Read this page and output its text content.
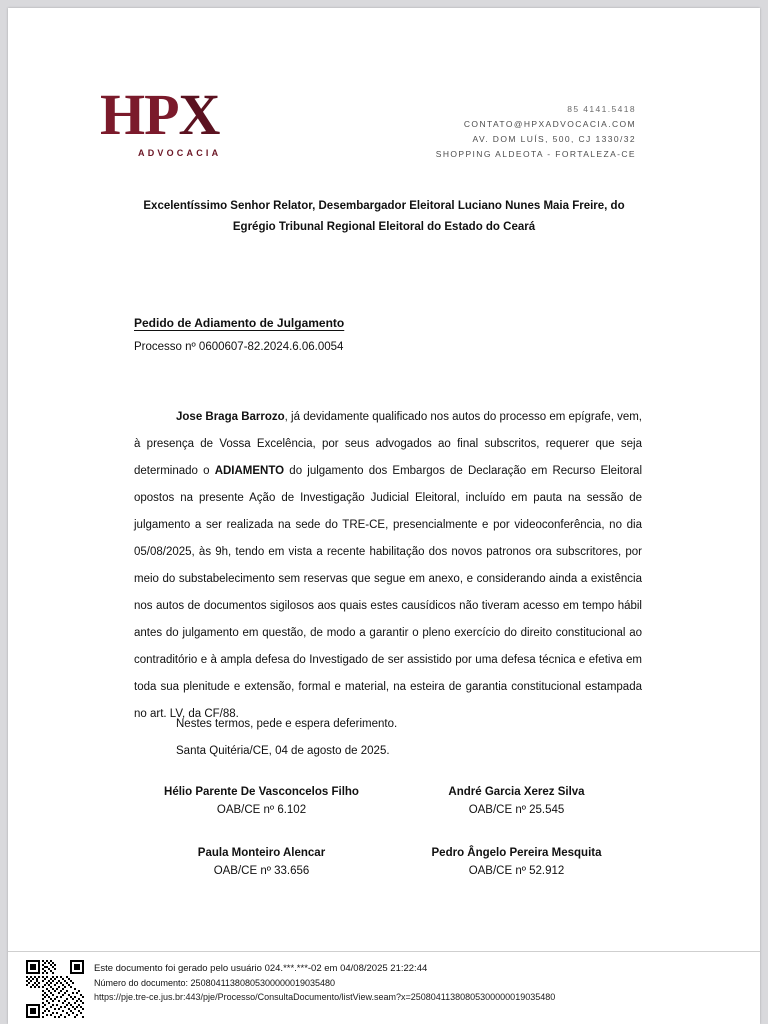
HPX
ADVOCACIA
85 4141.5418
CONTATO@HPXADVOCACIA.COM
AV. DOM LUÍS, 500, CJ 1330/32
SHOPPING ALDEOTA - FORTALEZA-CE
Excelentíssimo Senhor Relator, Desembargador Eleitoral Luciano Nunes Maia Freire, do
Egrégio Tribunal Regional Eleitoral do Estado do Ceará
Pedido de Adiamento de Julgamento
Processo nº 0600607-82.2024.6.06.0054
Jose Braga Barrozo, já devidamente qualificado nos autos do processo em epígrafe, vem, à presença de Vossa Excelência, por seus advogados ao final subscritos, requerer que seja determinado o ADIAMENTO do julgamento dos Embargos de Declaração em Recurso Eleitoral opostos na presente Ação de Investigação Judicial Eleitoral, incluído em pauta na sessão de julgamento a ser realizada na sede do TRE-CE, presencialmente e por videoconferência, no dia 05/08/2025, às 9h, tendo em vista a recente habilitação dos novos patronos ora subscritores, por meio do substabelecimento sem reservas que segue em anexo, e considerando ainda a existência nos autos de documentos sigilosos aos quais estes causídicos não tiveram acesso em tempo hábil antes do julgamento em questão, de modo a garantir o pleno exercício do direito constitucional ao contraditório e à ampla defesa do Investigado de ser assistido por uma defesa técnica e efetiva em toda sua plenitude e extensão, formal e material, na esteira de garantia constitucional estampada no art. LV, da CF/88.
Nestes termos, pede e espera deferimento.
Santa Quitéria/CE, 04 de agosto de 2025.
Hélio Parente De Vasconcelos Filho
OAB/CE nº 6.102
André Garcia Xerez Silva
OAB/CE nº 25.545
Paula Monteiro Alencar
OAB/CE nº 33.656
Pedro Ângelo Pereira Mesquita
OAB/CE nº 52.912
Este documento foi gerado pelo usuário 024.***.***-02 em 04/08/2025 21:22:44
Número do documento: 25080411380805300000019035480
https://pje.tre-ce.jus.br:443/pje/Processo/ConsultaDocumento/listView.seam?x=25080411380805300000019035480
